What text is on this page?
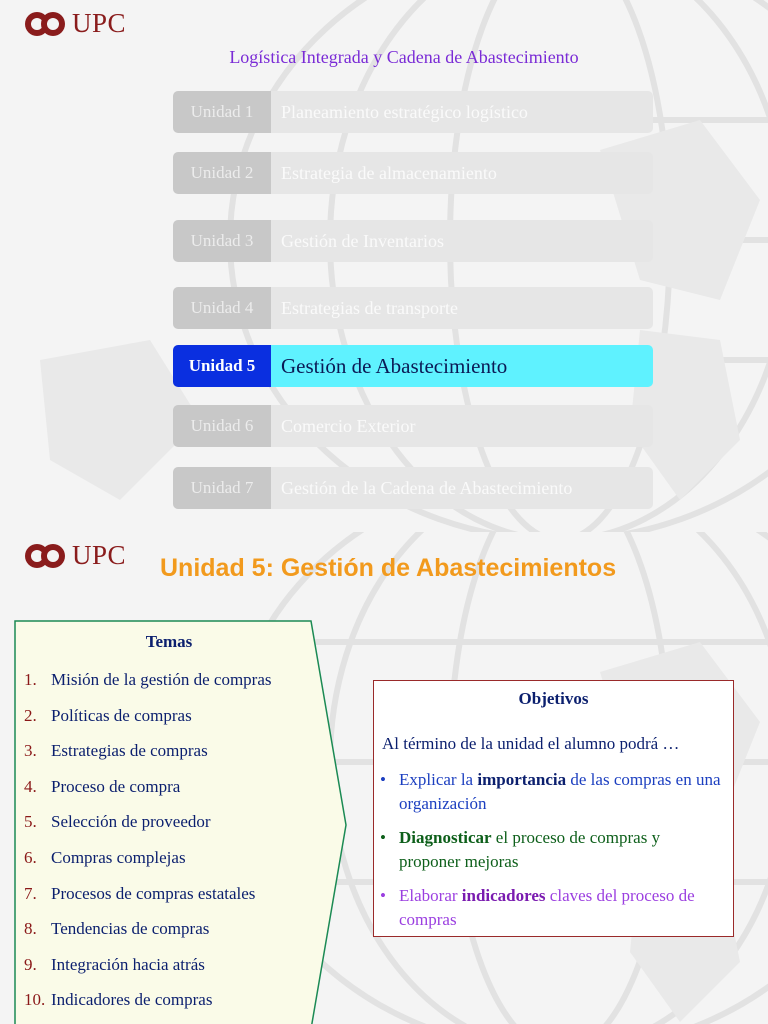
UPC
Logística Integrada y Cadena de Abastecimiento
Unidad 1	Planeamiento estratégico logístico
Unidad 2	Estrategia de almacenamiento
Unidad 3	Gestión de Inventarios
Unidad 4	Estrategias de transporte
Unidad 5	Gestión de Abastecimiento
Unidad 6	Comercio Exterior
Unidad 7	Gestión de la Cadena de Abastecimiento
UPC Unidad 5: Gestión de Abastecimientos
Temas
1. Misión de la gestión de compras
2. Políticas de compras
3. Estrategias de compras
4. Proceso de compra
5. Selección de proveedor
6. Compras complejas
7. Procesos de compras estatales
8. Tendencias de compras
9. Integración hacia atrás
10. Indicadores de compras
Objetivos
Al término de la unidad el alumno podrá …
• Explicar la importancia de las compras en una organización
• Diagnosticar el proceso de compras y proponer mejoras
• Elaborar indicadores claves del proceso de compras
